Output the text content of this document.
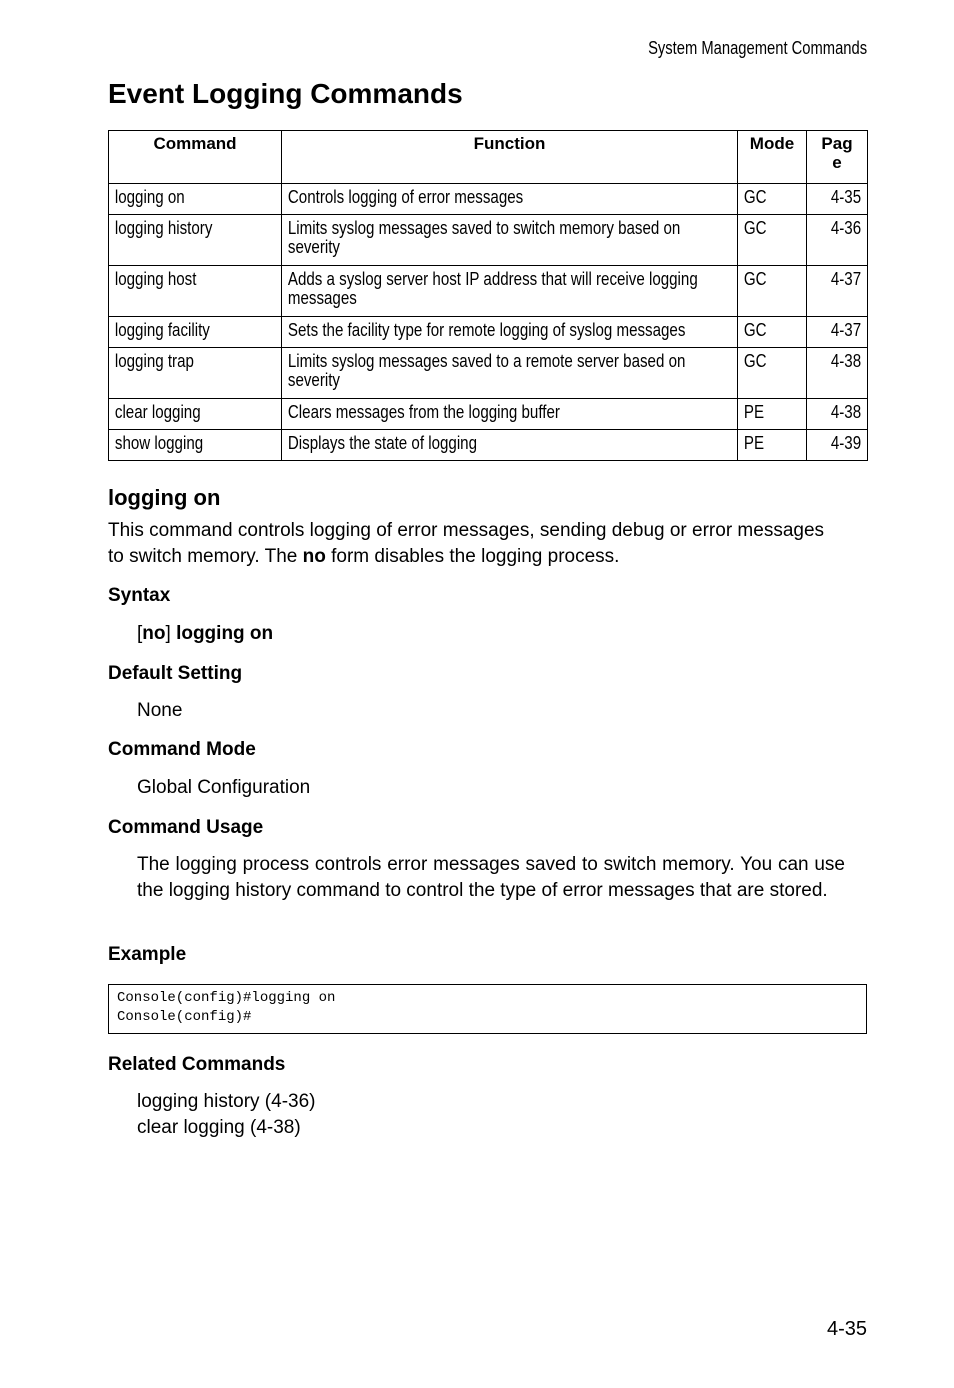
System Management Commands
Event Logging Commands
Command	Function	Mode	Pag
e

logging on	Controls logging of error messages	GC	4-35

logging history	Limits syslog messages saved to switch memory based on severity	GC	4-36

logging host	Adds a syslog server host IP address that will receive logging messages	GC	4-37

logging facility	Sets the facility type for remote logging of syslog messages	GC	4-37

logging trap	Limits syslog messages saved to a remote server based on severity	GC	4-38

clear logging	Clears messages from the logging buffer	PE	4-38

show logging	Displays the state of logging	PE	4-39
logging on

This command controls logging of error messages, sending debug or error messages to switch memory. The no form disables the logging process.

Syntax

[no] logging on

Default Setting

None

Command Mode

Global Configuration

Command Usage

The logging process controls error messages saved to switch memory. You can use the logging history command to control the type of error messages that are stored.

Example
Console(config)#logging on
Console(config)#
Related Commands

logging history (4-36)
clear logging (4-38)

4-35
